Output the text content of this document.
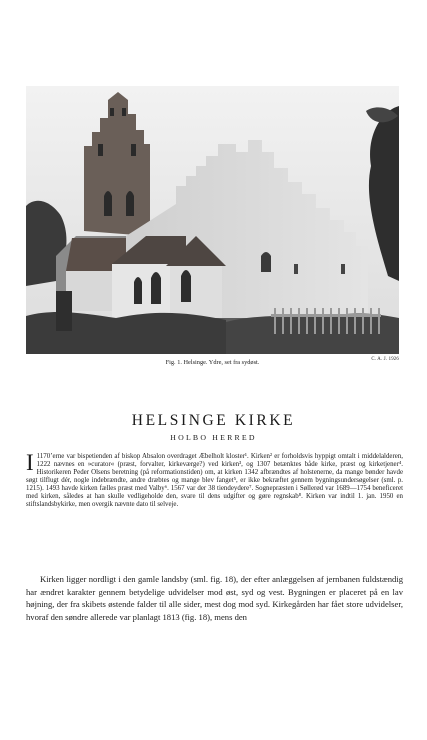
C. A. J. 1926
Fig. 1. Helsinge. Ydre, set fra sydøst.
HELSINGE KIRKE
HOLBO HERRED
I 1170’erne var bispetienden af biskop Absalon overdraget Æbelholt kloster¹. Kirken² er forholdsvis hyppigt omtalt i middelalderen, 1222 nævnes en »curator« (præst, forvalter, kirkeværge?) ved kirken³, og 1307 betænktes både kirke, præst og kirketjener⁴. Historikeren Peder Olsens beretning (på reformationstiden) om, at kirken 1342 afbrændtes af holstenerne, da mange bønder havde søgt tilflugt dér, nogle indebrændte, andre dræbtes og mange blev fanget⁵, er ikke bekræftet gennem bygningsundersøgelser (sml. p. 1215). 1493 havde kirken fælles præst med Valby⁶. 1567 var der 38 tiendeydere⁷. Sognepræsten i Søllerød var 1689—1754 beneficeret med kirken, således at han skulle vedligeholde den, svare til dens udgifter og gøre regnskab⁸. Kirken var indtil 1. jan. 1950 en stiftslandsbykirke, men overgik nævnte dato til selveje.
Kirken ligger nordligt i den gamle landsby (sml. fig. 18), der efter anlæggelsen af jernbanen fuldstændig har ændret karakter gennem betydelige udvidelser mod øst, syd og vest. Bygningen er placeret på en lav højning, der fra skibets østende falder til alle sider, mest dog mod syd. Kirkegården har fået store udvidelser, hvoraf den søndre allerede var planlagt 1813 (fig. 18), mens den
